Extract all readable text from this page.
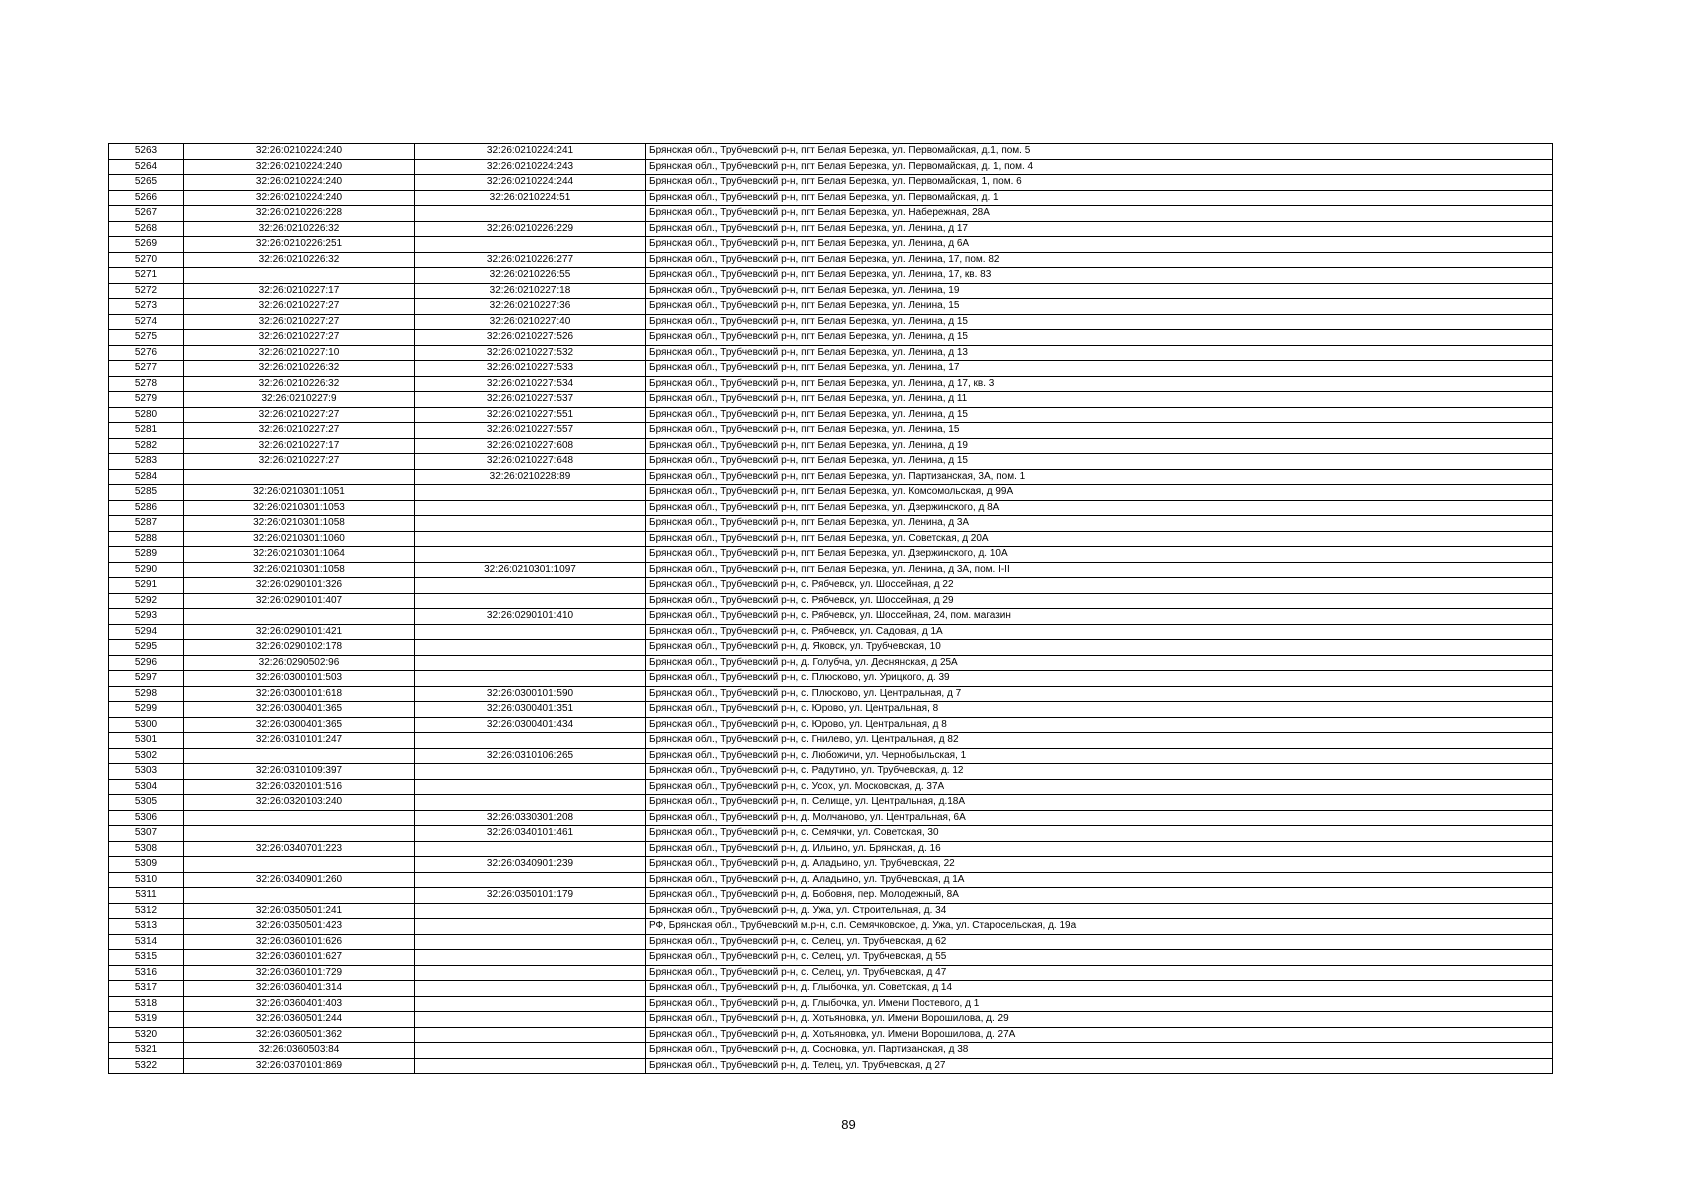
5263	32:26:0210224:240	32:26:0210224:241	Брянская обл., Трубчевский р-н, пгт Белая Березка, ул. Первомайская, д.1, пом. 5
5264	32:26:0210224:240	32:26:0210224:243	Брянская обл., Трубчевский р-н, пгт Белая Березка, ул. Первомайская, д. 1, пом. 4
5265	32:26:0210224:240	32:26:0210224:244	Брянская обл., Трубчевский р-н, пгт Белая Березка, ул. Первомайская, 1, пом. 6
5266	32:26:0210224:240	32:26:0210224:51	Брянская обл., Трубчевский р-н, пгт Белая Березка, ул. Первомайская, д. 1
5267	32:26:0210226:228		Брянская обл., Трубчевский р-н, пгт Белая Березка, ул. Набережная, 28А
5268	32:26:0210226:32	32:26:0210226:229	Брянская обл., Трубчевский р-н, пгт Белая Березка, ул. Ленина, д 17
5269	32:26:0210226:251		Брянская обл., Трубчевский р-н, пгт Белая Березка, ул. Ленина, д 6А
5270	32:26:0210226:32	32:26:0210226:277	Брянская обл., Трубчевский р-н, пгт Белая Березка, ул. Ленина, 17, пом. 82
5271		32:26:0210226:55	Брянская обл., Трубчевский р-н, пгт Белая Березка, ул. Ленина, 17, кв. 83
5272	32:26:0210227:17	32:26:0210227:18	Брянская обл., Трубчевский р-н, пгт Белая Березка, ул. Ленина, 19
5273	32:26:0210227:27	32:26:0210227:36	Брянская обл., Трубчевский р-н, пгт Белая Березка, ул. Ленина, 15
5274	32:26:0210227:27	32:26:0210227:40	Брянская обл., Трубчевский р-н, пгт Белая Березка, ул. Ленина, д 15
5275	32:26:0210227:27	32:26:0210227:526	Брянская обл., Трубчевский р-н, пгт Белая Березка, ул. Ленина, д 15
5276	32:26:0210227:10	32:26:0210227:532	Брянская обл., Трубчевский р-н, пгт Белая Березка, ул. Ленина, д 13
5277	32:26:0210226:32	32:26:0210227:533	Брянская обл., Трубчевский р-н, пгт Белая Березка, ул. Ленина, 17
5278	32:26:0210226:32	32:26:0210227:534	Брянская обл., Трубчевский р-н, пгт Белая Березка, ул. Ленина, д 17, кв. 3
5279	32:26:0210227:9	32:26:0210227:537	Брянская обл., Трубчевский р-н, пгт Белая Березка, ул. Ленина, д 11
5280	32:26:0210227:27	32:26:0210227:551	Брянская обл., Трубчевский р-н, пгт Белая Березка, ул. Ленина, д 15
5281	32:26:0210227:27	32:26:0210227:557	Брянская обл., Трубчевский р-н, пгт Белая Березка, ул. Ленина, 15
5282	32:26:0210227:17	32:26:0210227:608	Брянская обл., Трубчевский р-н, пгт Белая Березка, ул. Ленина, д 19
5283	32:26:0210227:27	32:26:0210227:648	Брянская обл., Трубчевский р-н, пгт Белая Березка, ул. Ленина, д 15
5284		32:26:0210228:89	Брянская обл., Трубчевский р-н, пгт Белая Березка, ул. Партизанская, 3А, пом. 1
5285	32:26:0210301:1051		Брянская обл., Трубчевский р-н, пгт Белая Березка, ул. Комсомольская, д 99А
5286	32:26:0210301:1053		Брянская обл., Трубчевский р-н, пгт Белая Березка, ул. Дзержинского, д 8А
5287	32:26:0210301:1058		Брянская обл., Трубчевский р-н, пгт Белая Березка, ул. Ленина, д 3А
5288	32:26:0210301:1060		Брянская обл., Трубчевский р-н, пгт Белая Березка, ул. Советская, д 20А
5289	32:26:0210301:1064		Брянская обл., Трубчевский р-н, пгт Белая Березка, ул. Дзержинского, д. 10А
5290	32:26:0210301:1058	32:26:0210301:1097	Брянская обл., Трубчевский р-н, пгт Белая Березка, ул. Ленина, д 3А, пом. I-II
5291	32:26:0290101:326		Брянская обл., Трубчевский р-н, с. Рябчевск, ул. Шоссейная, д 22
5292	32:26:0290101:407		Брянская обл., Трубчевский р-н, с. Рябчевск, ул. Шоссейная, д 29
5293		32:26:0290101:410	Брянская обл., Трубчевский р-н, с. Рябчевск, ул. Шоссейная, 24, пом. магазин
5294	32:26:0290101:421		Брянская обл., Трубчевский р-н, с. Рябчевск, ул. Садовая, д 1А
5295	32:26:0290102:178		Брянская обл., Трубчевский р-н, д. Яковск, ул. Трубчевская, 10
5296	32:26:0290502:96		Брянская обл., Трубчевский р-н, д. Голубча, ул. Деснянская, д 25А
5297	32:26:0300101:503		Брянская обл., Трубчевский р-н, с. Плюсково, ул. Урицкого, д. 39
5298	32:26:0300101:618	32:26:0300101:590	Брянская обл., Трубчевский р-н, с. Плюсково, ул. Центральная, д 7
5299	32:26:0300401:365	32:26:0300401:351	Брянская обл., Трубчевский р-н, с. Юрово, ул. Центральная, 8
5300	32:26:0300401:365	32:26:0300401:434	Брянская обл., Трубчевский р-н, с. Юрово, ул. Центральная, д 8
5301	32:26:0310101:247		Брянская обл., Трубчевский р-н, с. Гнилево, ул. Центральная, д 82
5302		32:26:0310106:265	Брянская обл., Трубчевский р-н, с. Любожичи, ул. Чернобыльская, 1
5303	32:26:0310109:397		Брянская обл., Трубчевский р-н, с. Радутино, ул. Трубчевская, д. 12
5304	32:26:0320101:516		Брянская обл., Трубчевский р-н, с. Усох, ул. Московская, д. 37А
5305	32:26:0320103:240		Брянская обл., Трубчевский р-н, п. Селище, ул. Центральная, д.18А
5306		32:26:0330301:208	Брянская обл., Трубчевский р-н, д. Молчаново, ул. Центральная, 6А
5307		32:26:0340101:461	Брянская обл., Трубчевский р-н, с. Семячки, ул. Советская, 30
5308	32:26:0340701:223		Брянская обл., Трубчевский р-н, д. Ильино, ул. Брянская, д. 16
5309		32:26:0340901:239	Брянская обл., Трубчевский р-н, д. Аладьино, ул. Трубчевская, 22
5310	32:26:0340901:260		Брянская обл., Трубчевский р-н, д. Аладьино, ул. Трубчевская, д 1А
5311		32:26:0350101:179	Брянская обл., Трубчевский р-н, д. Бобовня, пер. Молодежный, 8А
5312	32:26:0350501:241		Брянская обл., Трубчевский р-н, д. Ужа, ул. Строительная, д. 34
5313	32:26:0350501:423		РФ, Брянская обл., Трубчевский м.р-н, с.п. Семячковское, д. Ужа, ул. Старосельская, д. 19а
5314	32:26:0360101:626		Брянская обл., Трубчевский р-н, с. Селец, ул. Трубчевская, д 62
5315	32:26:0360101:627		Брянская обл., Трубчевский р-н, с. Селец, ул. Трубчевская, д 55
5316	32:26:0360101:729		Брянская обл., Трубчевский р-н, с. Селец, ул. Трубчевская, д 47
5317	32:26:0360401:314		Брянская обл., Трубчевский р-н, д. Глыбочка, ул. Советская, д 14
5318	32:26:0360401:403		Брянская обл., Трубчевский р-н, д. Глыбочка, ул. Имени Постевого, д 1
5319	32:26:0360501:244		Брянская обл., Трубчевский р-н, д. Хотьяновка, ул. Имени Ворошилова, д. 29
5320	32:26:0360501:362		Брянская обл., Трубчевский р-н, д. Хотьяновка, ул. Имени Ворошилова, д. 27А
5321	32:26:0360503:84		Брянская обл., Трубчевский р-н, д. Сосновка, ул. Партизанская, д 38
5322	32:26:0370101:869		Брянская обл., Трубчевский р-н, д. Телец, ул. Трубчевская, д 27
89
